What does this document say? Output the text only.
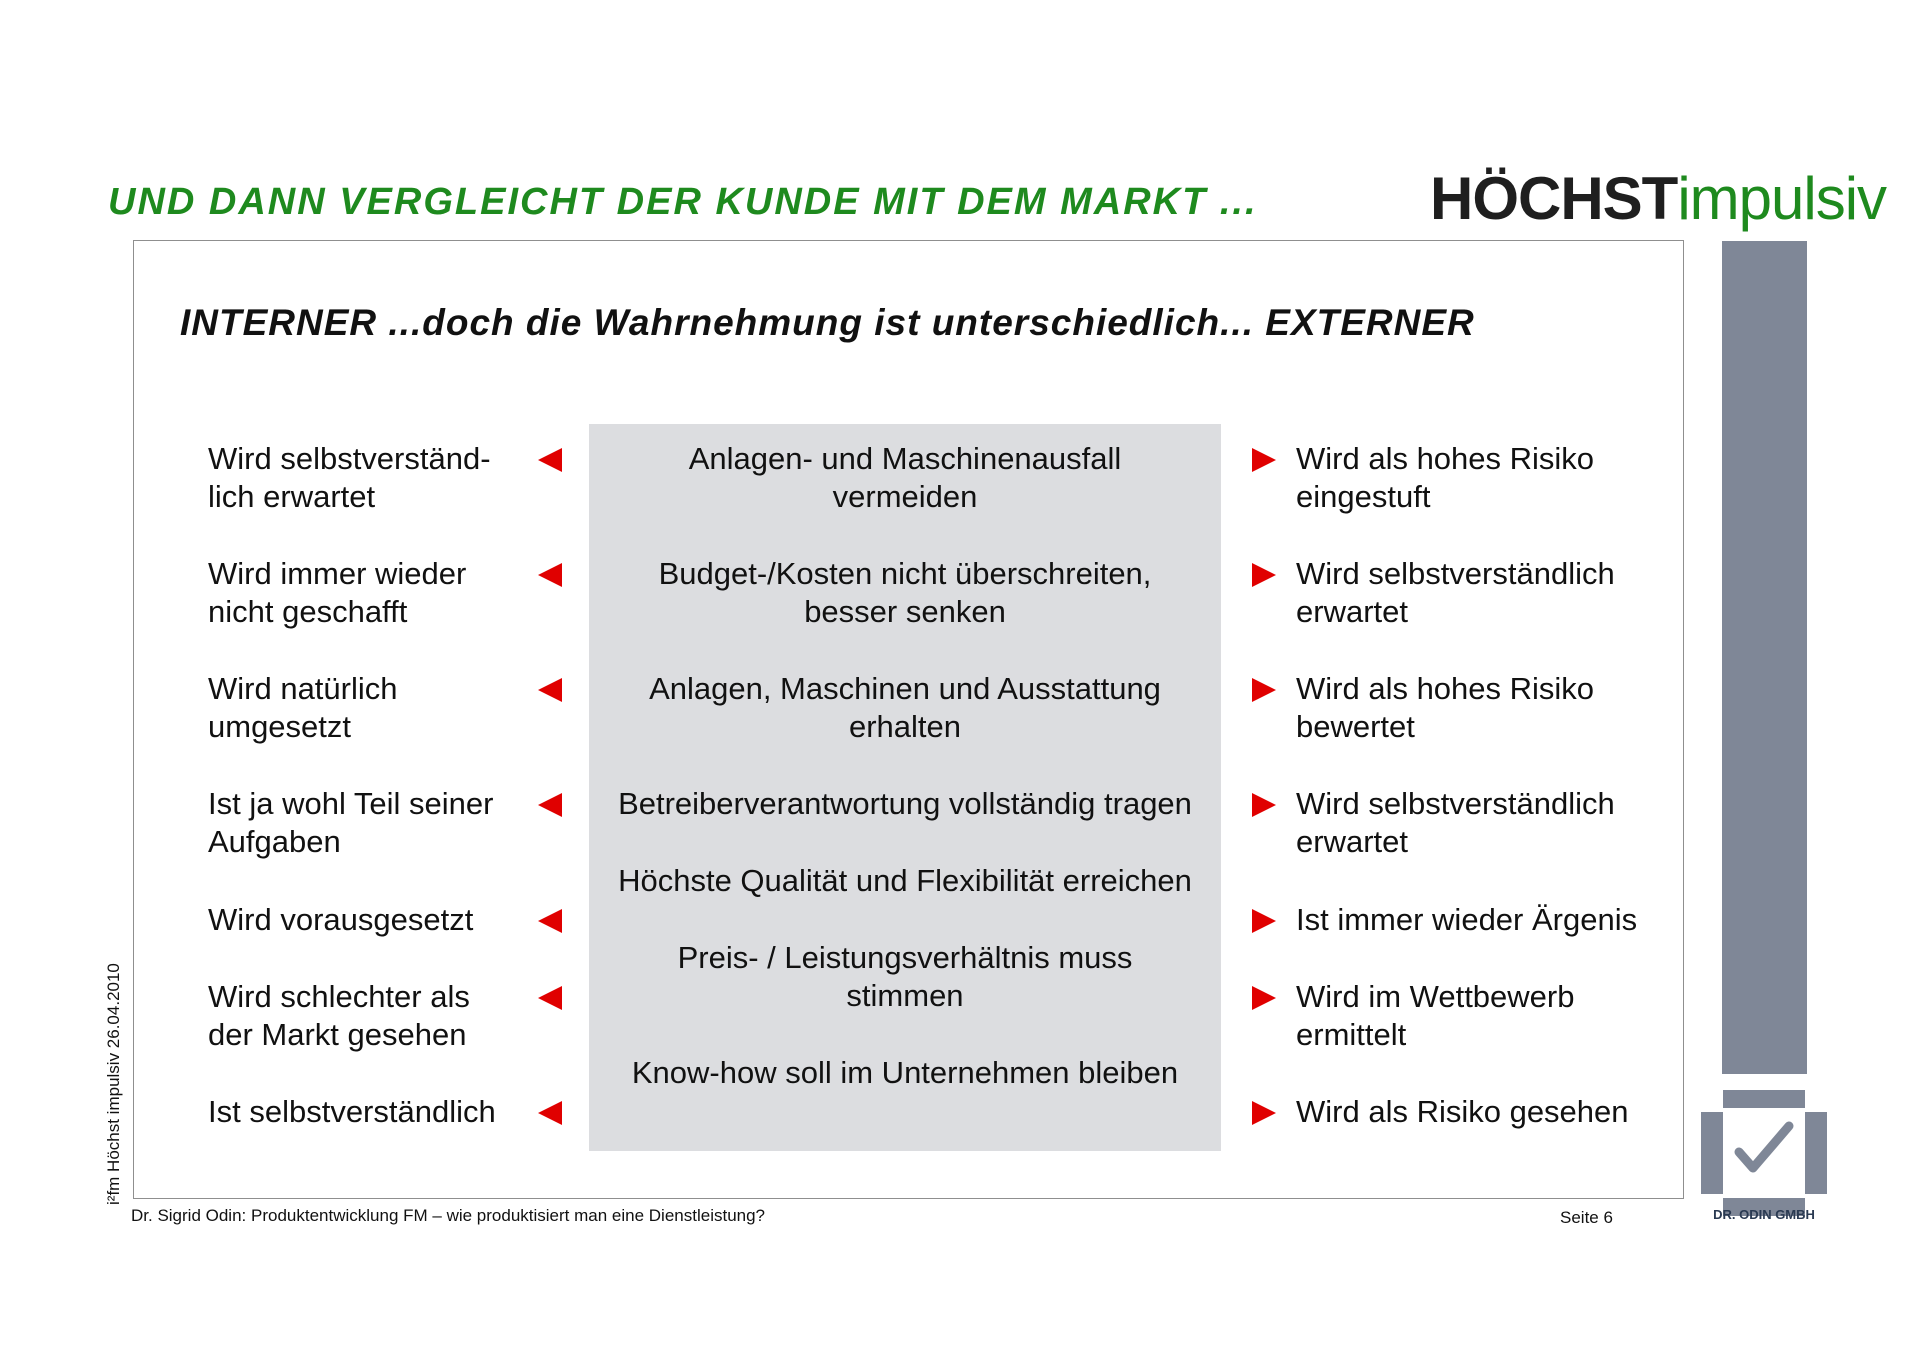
UND DANN VERGLEICHT DER KUNDE MIT DEM MARKT ...	HÖCHSTimpulsiv
INTERNER ...doch die Wahrnehmung ist unterschiedlich... EXTERNER
Wird selbstverständ-
lich erwartet
Wird immer wieder
nicht geschafft
Wird natürlich
umgesetzt
Ist ja wohl Teil seiner
Aufgaben
Wird vorausgesetzt
Wird schlechter als
der Markt gesehen
Ist selbstverständlich
Anlagen- und Maschinenausfall
vermeiden
Budget-/Kosten nicht überschreiten,
besser senken
Anlagen, Maschinen und Ausstattung
erhalten
Betreiberverantwortung vollständig tragen
Höchste Qualität und Flexibilität erreichen
Preis- / Leistungsverhältnis muss
stimmen
Know-how soll im Unternehmen bleiben
Wird als hohes Risiko
eingestuft
Wird selbstverständlich
erwartet
Wird als hohes Risiko
bewertet
Wird selbstverständlich
erwartet
Ist immer wieder Ärgenis
Wird im Wettbewerb
ermittelt
Wird als Risiko gesehen
DR. ODIN GMBH
Dr. Sigrid Odin: Produktentwicklung FM – wie produktisiert man eine Dienstleistung?	Seite 6
i²fm Höchst impulsiv 26.04.2010
